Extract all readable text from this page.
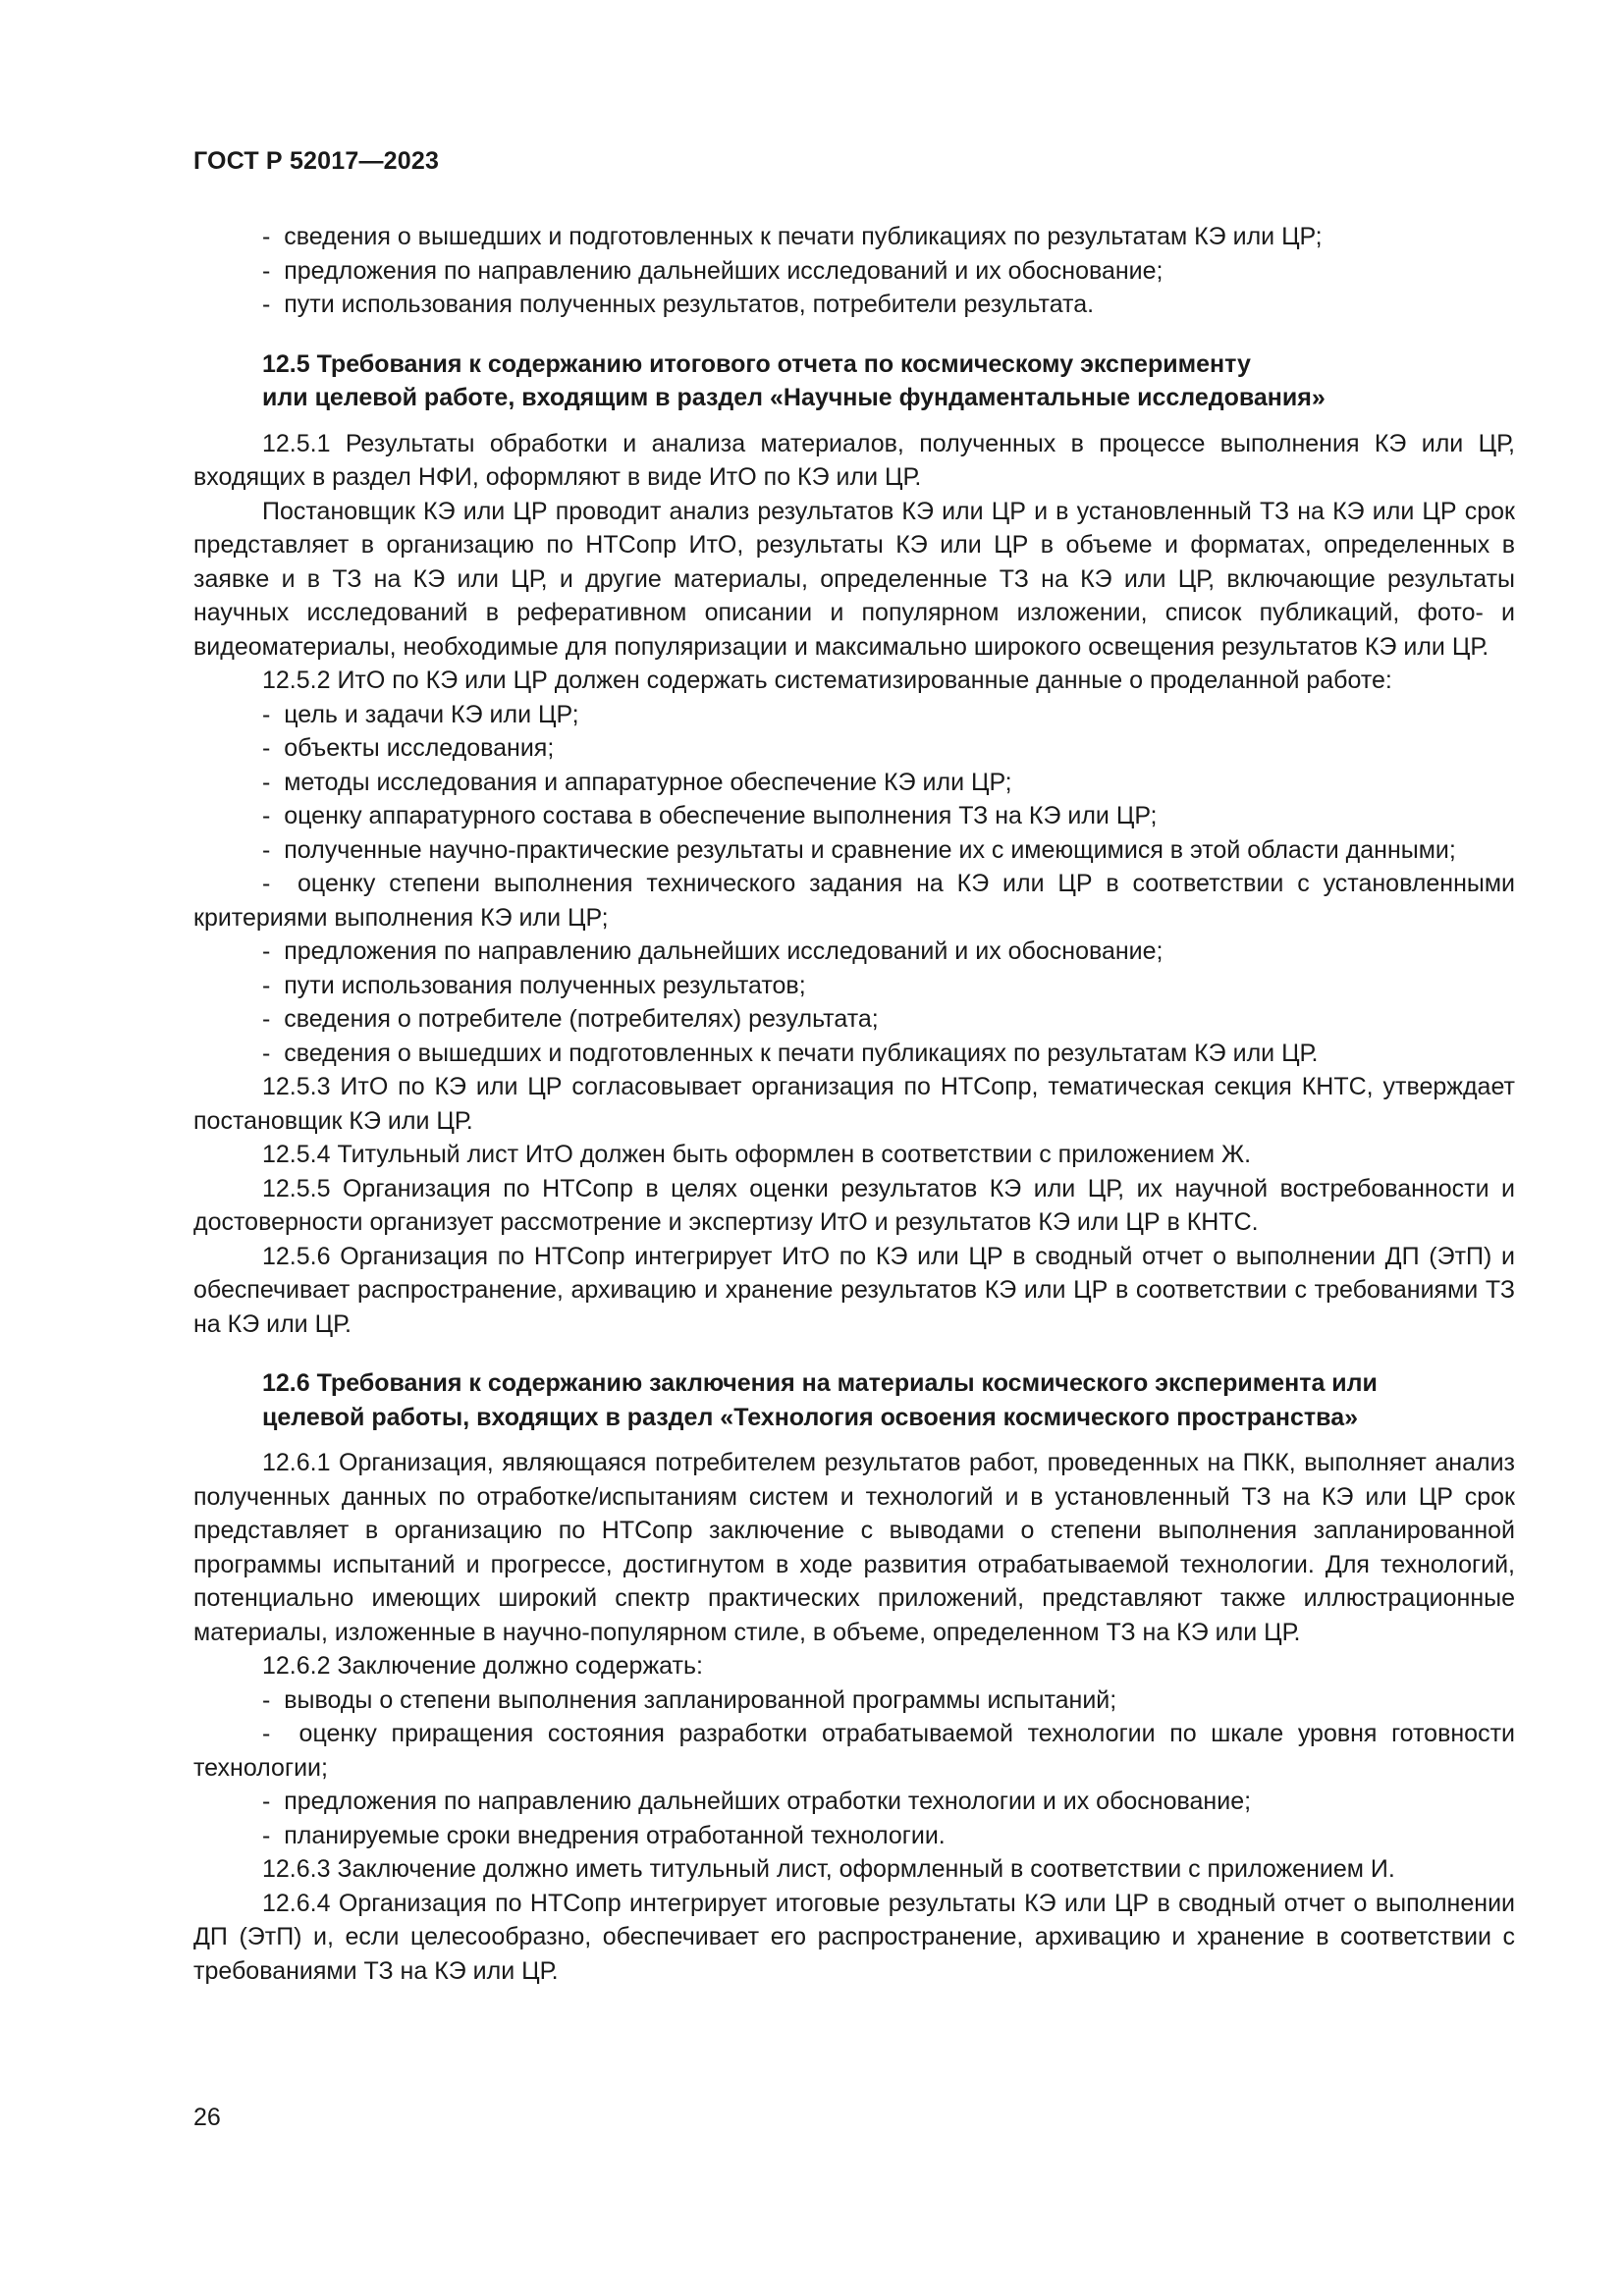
ГОСТ Р 52017—2023

-  сведения о вышедших и подготовленных к печати публикациях по результатам КЭ или ЦР;

-  предложения по направлению дальнейших исследований и их обоснование;

-  пути использования полученных результатов, потребители результата.

12.5 Требования к содержанию итогового отчета по космическому эксперименту
или целевой работе, входящим в раздел «Научные фундаментальные исследования»

12.5.1 Результаты обработки и анализа материалов, полученных в процессе выполнения КЭ или ЦР, входящих в раздел НФИ, оформляют в виде ИтО по КЭ или ЦР.

Постановщик КЭ или ЦР проводит анализ результатов КЭ или ЦР и в установленный ТЗ на КЭ или ЦР срок представляет в организацию по НТСопр ИтО, результаты КЭ или ЦР в объеме и форматах, определенных в заявке и в ТЗ на КЭ или ЦР, и другие материалы, определенные ТЗ на КЭ или ЦР, включающие результаты научных исследований в реферативном описании и популярном изложении, список публикаций, фото- и видеоматериалы, необходимые для популяризации и максимально широкого освещения результатов КЭ или ЦР.

12.5.2 ИтО по КЭ или ЦР должен содержать систематизированные данные о проделанной работе:

-  цель и задачи КЭ или ЦР;

-  объекты исследования;

-  методы исследования и аппаратурное обеспечение КЭ или ЦР;

-  оценку аппаратурного состава в обеспечение выполнения ТЗ на КЭ или ЦР;

-  полученные научно-практические результаты и сравнение их с имеющимися в этой области данными;

-  оценку степени выполнения технического задания на КЭ или ЦР в соответствии с установленными критериями выполнения КЭ или ЦР;

-  предложения по направлению дальнейших исследований и их обоснование;

-  пути использования полученных результатов;

-  сведения о потребителе (потребителях) результата;

-  сведения о вышедших и подготовленных к печати публикациях по результатам КЭ или ЦР.

12.5.3 ИтО по КЭ или ЦР согласовывает организация по НТСопр, тематическая секция КНТС, утверждает постановщик КЭ или ЦР.

12.5.4 Титульный лист ИтО должен быть оформлен в соответствии с приложением Ж.

12.5.5 Организация по НТСопр в целях оценки результатов КЭ или ЦР, их научной востребованности и достоверности организует рассмотрение и экспертизу ИтО и результатов КЭ или ЦР в КНТС.

12.5.6 Организация по НТСопр интегрирует ИтО по КЭ или ЦР в сводный отчет о выполнении ДП (ЭтП) и обеспечивает распространение, архивацию и хранение результатов КЭ или ЦР в соответствии с требованиями ТЗ на КЭ или ЦР.

12.6 Требования к содержанию заключения на материалы космического эксперимента или
целевой работы, входящих в раздел «Технология освоения космического пространства»

12.6.1 Организация, являющаяся потребителем результатов работ, проведенных на ПКК, выполняет анализ полученных данных по отработке/испытаниям систем и технологий и в установленный ТЗ на КЭ или ЦР срок представляет в организацию по НТСопр заключение с выводами о степени выполнения запланированной программы испытаний и прогрессе, достигнутом в ходе развития отрабатываемой технологии. Для технологий, потенциально имеющих широкий спектр практических приложений, представляют также иллюстрационные материалы, изложенные в научно-популярном стиле, в объеме, определенном ТЗ на КЭ или ЦР.

12.6.2 Заключение должно содержать:

-  выводы о степени выполнения запланированной программы испытаний;

-  оценку приращения состояния разработки отрабатываемой технологии по шкале уровня готовности технологии;

-  предложения по направлению дальнейших отработки технологии и их обоснование;

-  планируемые сроки внедрения отработанной технологии.

12.6.3 Заключение должно иметь титульный лист, оформленный в соответствии с приложением И.

12.6.4 Организация по НТСопр интегрирует итоговые результаты КЭ или ЦР в сводный отчет о выполнении ДП (ЭтП) и, если целесообразно, обеспечивает его распространение, архивацию и хранение в соответствии с требованиями ТЗ на КЭ или ЦР.

26
